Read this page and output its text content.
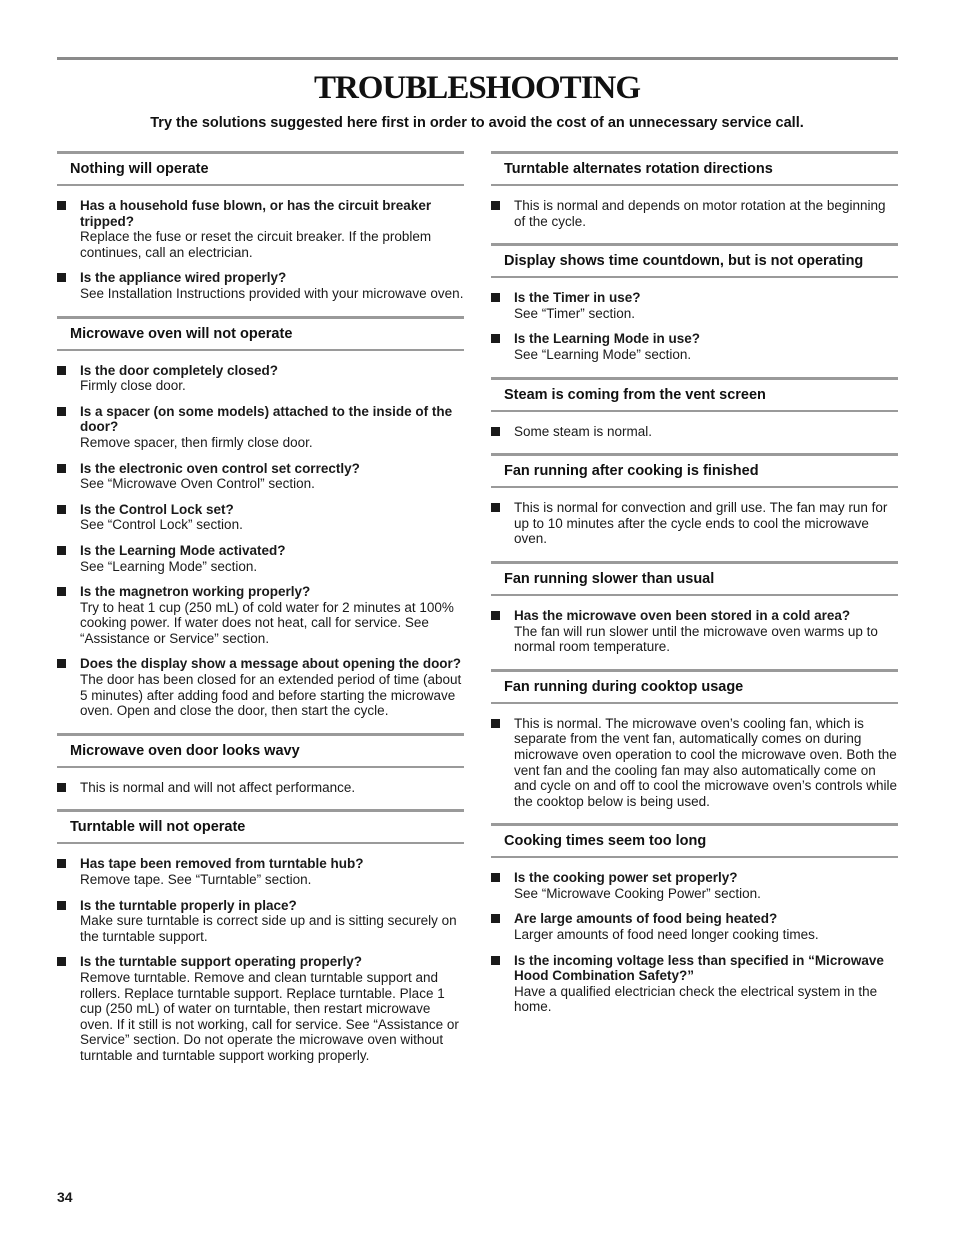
TROUBLESHOOTING
Try the solutions suggested here first in order to avoid the cost of an unnecessary service call.
Nothing will operate
Has a household fuse blown, or has the circuit breaker tripped?
Replace the fuse or reset the circuit breaker. If the problem continues, call an electrician.
Is the appliance wired properly?
See Installation Instructions provided with your microwave oven.
Microwave oven will not operate
Is the door completely closed?
Firmly close door.
Is a spacer (on some models) attached to the inside of the door?
Remove spacer, then firmly close door.
Is the electronic oven control set correctly?
See “Microwave Oven Control” section.
Is the Control Lock set?
See “Control Lock” section.
Is the Learning Mode activated?
See “Learning Mode” section.
Is the magnetron working properly?
Try to heat 1 cup (250 mL) of cold water for 2 minutes at 100% cooking power. If water does not heat, call for service. See “Assistance or Service” section.
Does the display show a message about opening the door?
The door has been closed for an extended period of time (about 5 minutes) after adding food and before starting the microwave oven. Open and close the door, then start the cycle.
Microwave oven door looks wavy
This is normal and will not affect performance.
Turntable will not operate
Has tape been removed from turntable hub?
Remove tape. See “Turntable” section.
Is the turntable properly in place?
Make sure turntable is correct side up and is sitting securely on the turntable support.
Is the turntable support operating properly?
Remove turntable. Remove and clean turntable support and rollers. Replace turntable support. Replace turntable. Place 1 cup (250 mL) of water on turntable, then restart microwave oven. If it still is not working, call for service. See “Assistance or Service” section. Do not operate the microwave oven without turntable and turntable support working properly.
Turntable alternates rotation directions
This is normal and depends on motor rotation at the beginning of the cycle.
Display shows time countdown, but is not operating
Is the Timer in use?
See “Timer” section.
Is the Learning Mode in use?
See “Learning Mode” section.
Steam is coming from the vent screen
Some steam is normal.
Fan running after cooking is finished
This is normal for convection and grill use. The fan may run for up to 10 minutes after the cycle ends to cool the microwave oven.
Fan running slower than usual
Has the microwave oven been stored in a cold area?
The fan will run slower until the microwave oven warms up to normal room temperature.
Fan running during cooktop usage
This is normal. The microwave oven’s cooling fan, which is separate from the vent fan, automatically comes on during microwave oven operation to cool the microwave oven. Both the vent fan and the cooling fan may also automatically come on and cycle on and off to cool the microwave oven’s controls while the cooktop below is being used.
Cooking times seem too long
Is the cooking power set properly?
See “Microwave Cooking Power” section.
Are large amounts of food being heated?
Larger amounts of food need longer cooking times.
Is the incoming voltage less than specified in “Microwave Hood Combination Safety?”
Have a qualified electrician check the electrical system in the home.
34
